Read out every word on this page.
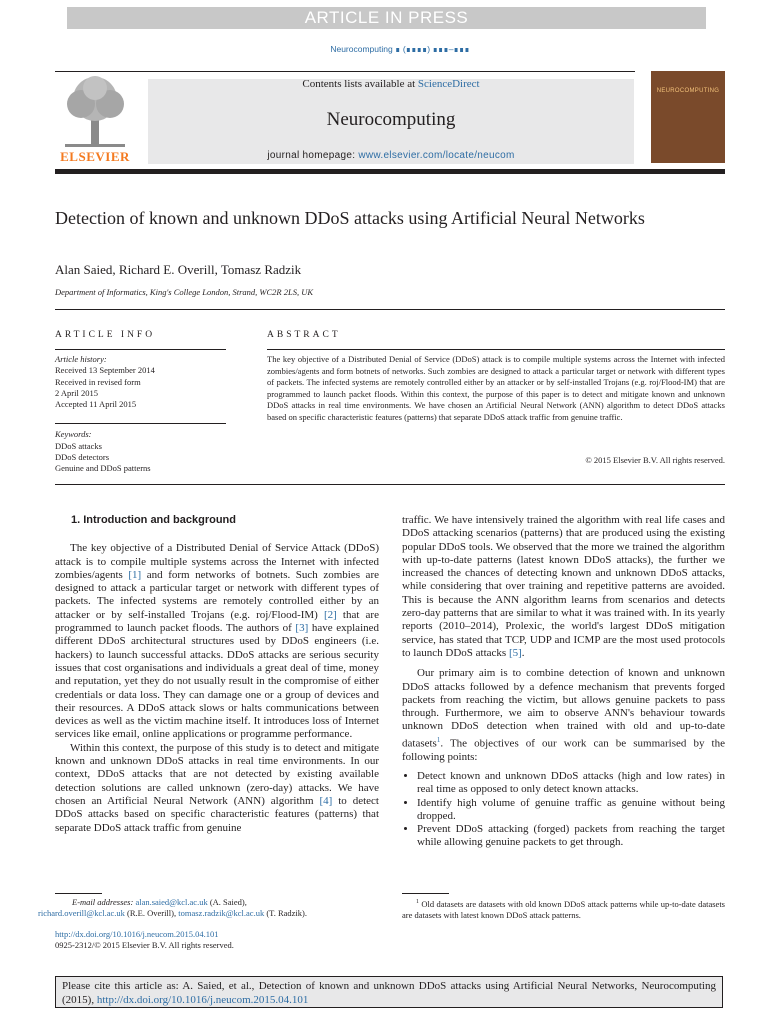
ARTICLE IN PRESS
Neurocomputing ∎ (∎∎∎∎) ∎∎∎–∎∎∎
ELSEVIER
Contents lists available at ScienceDirect
Neurocomputing
journal homepage: www.elsevier.com/locate/neucom
NEUROCOMPUTING
Detection of known and unknown DDoS attacks using Artificial Neural Networks
Alan Saied, Richard E. Overill, Tomasz Radzik
Department of Informatics, King's College London, Strand, WC2R 2LS, UK
ARTICLE INFO	ABSTRACT
Article history:
Received 13 September 2014
Received in revised form
2 April 2015
Accepted 11 April 2015
Keywords:
DDoS attacks
DDoS detectors
Genuine and DDoS patterns
The key objective of a Distributed Denial of Service (DDoS) attack is to compile multiple systems across the Internet with infected zombies/agents and form botnets of networks. Such zombies are designed to attack a particular target or network with different types of packets. The infected systems are remotely controlled either by an attacker or by self-installed Trojans (e.g. roj/Flood-IM) that are programmed to launch packet floods. Within this context, the purpose of this paper is to detect and mitigate known and unknown DDoS attacks in real time environments. We have chosen an Artificial Neural Network (ANN) algorithm to detect DDoS attacks based on specific characteristic features (patterns) that separate DDoS attack traffic from genuine traffic.
© 2015 Elsevier B.V. All rights reserved.
1. Introduction and background

The key objective of a Distributed Denial of Service Attack (DDoS) attack is to compile multiple systems across the Internet with infected zombies/agents [1] and form networks of botnets. Such zombies are designed to attack a particular target or network with different types of packets. The infected systems are remotely controlled either by an attacker or by self-installed Trojans (e.g. roj/Flood-IM) [2] that are programmed to launch packet floods. The authors of [3] have explained different DDoS architectural structures used by DDoS engineers (i.e. hackers) to launch successful attacks. DDoS attacks are serious security issues that cost organisations and individuals a great deal of time, money and reputation, yet they do not usually result in the compromise of either credentials or data loss. They can damage one or a group of devices and their resources. A DDoS attack slows or halts communications between devices as well as the victim machine itself. It introduces loss of Internet services like email, online applications or programme performance.

Within this context, the purpose of this study is to detect and mitigate known and unknown DDoS attacks in real time environments. In our context, DDoS attacks that are not detected by existing available detection solutions are called unknown (zero-day) attacks. We have chosen an Artificial Neural Network (ANN) algorithm [4] to detect DDoS attacks based on specific characteristic features (patterns) that separate DDoS attack traffic from genuine

traffic. We have intensively trained the algorithm with real life cases and DDoS attacking scenarios (patterns) that are produced using the existing popular DDoS tools. We observed that the more we trained the algorithm with up-to-date patterns (latest known DDoS attacks), the further we increased the chances of detecting known and unknown DDoS attacks, while considering that over training and repetitive patterns are avoided. This is because the ANN algorithm learns from scenarios and detects zero-day patterns that are similar to what it was trained with. In its yearly reports (2010–2014), Prolexic, the world's largest DDoS mitigation service, has stated that TCP, UDP and ICMP are the most used protocols to launch DDoS attacks [5].

Our primary aim is to combine detection of known and unknown DDoS attacks followed by a defence mechanism that prevents forged packets from reaching the victim, but allows genuine packets to pass through. Furthermore, we aim to observe ANN's behaviour towards unknown DDoS detection when trained with old and up-to-date datasets$^1$. The objectives of our work can be summarised by the following points:

• Detect known and unknown DDoS attacks (high and low rates) in real time as opposed to only detect known attacks.
• Identify high volume of genuine traffic as genuine without being dropped.
• Prevent DDoS attacking (forged) packets from reaching the target while allowing genuine packets to get through.
E-mail addresses: alan.saied@kcl.ac.uk (A. Saied),
richard.overill@kcl.ac.uk (R.E. Overill), tomasz.radzik@kcl.ac.uk (T. Radzik).
$^1$ Old datasets are datasets with old known DDoS attack patterns while up-to-date datasets are datasets with latest known DDoS attack patterns.
http://dx.doi.org/10.1016/j.neucom.2015.04.101
0925-2312/© 2015 Elsevier B.V. All rights reserved.
Please cite this article as: A. Saied, et al., Detection of known and unknown DDoS attacks using Artificial Neural Networks, Neurocomputing (2015), http://dx.doi.org/10.1016/j.neucom.2015.04.101
